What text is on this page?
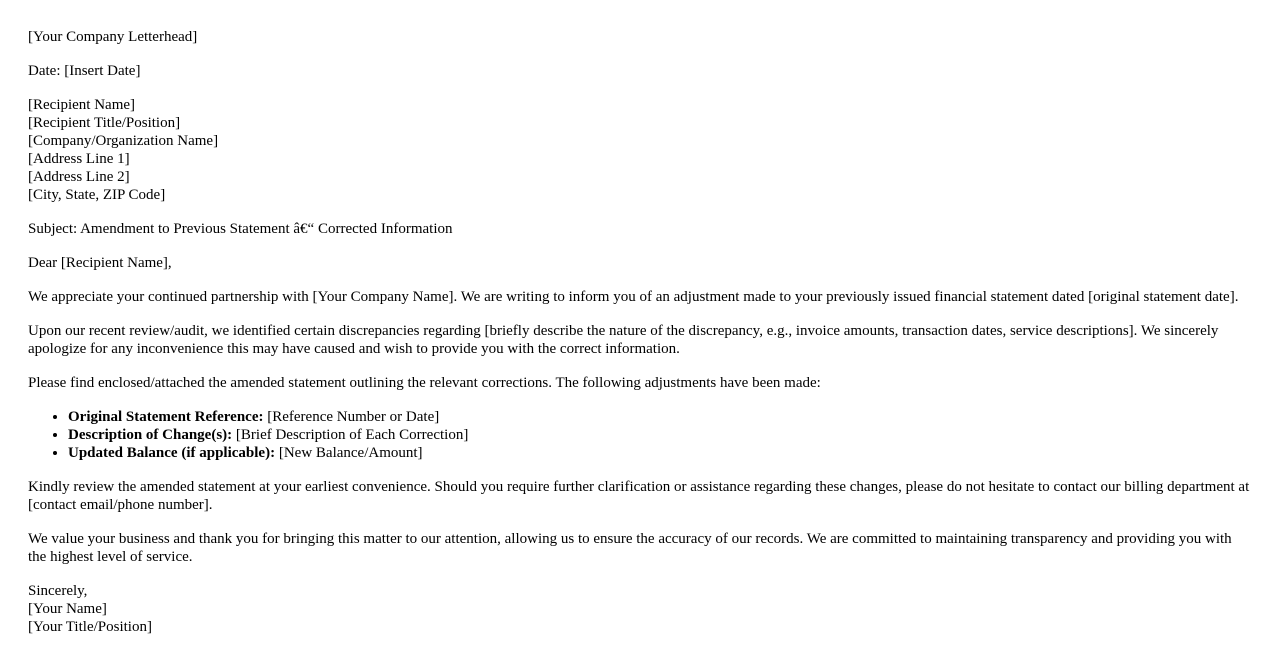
[Your Company Letterhead]

Date: [Insert Date]

[Recipient Name]
[Recipient Title/Position]
[Company/Organization Name]
[Address Line 1]
[Address Line 2]
[City, State, ZIP Code]

Subject: Amendment to Previous Statement â€“ Corrected Information

Dear [Recipient Name],

We appreciate your continued partnership with [Your Company Name]. We are writing to inform you of an adjustment made to your previously issued financial statement dated [original statement date].

Upon our recent review/audit, we identified certain discrepancies regarding [briefly describe the nature of the discrepancy, e.g., invoice amounts, transaction dates, service descriptions]. We sincerely apologize for any inconvenience this may have caused and wish to provide you with the correct information.

Please find enclosed/attached the amended statement outlining the relevant corrections. The following adjustments have been made:

• Original Statement Reference: [Reference Number or Date]
• Description of Change(s): [Brief Description of Each Correction]
• Updated Balance (if applicable): [New Balance/Amount]

Kindly review the amended statement at your earliest convenience. Should you require further clarification or assistance regarding these changes, please do not hesitate to contact our billing department at [contact email/phone number].

We value your business and thank you for bringing this matter to our attention, allowing us to ensure the accuracy of our records. We are committed to maintaining transparency and providing you with the highest level of service.

Sincerely,
[Your Name]
[Your Title/Position]
